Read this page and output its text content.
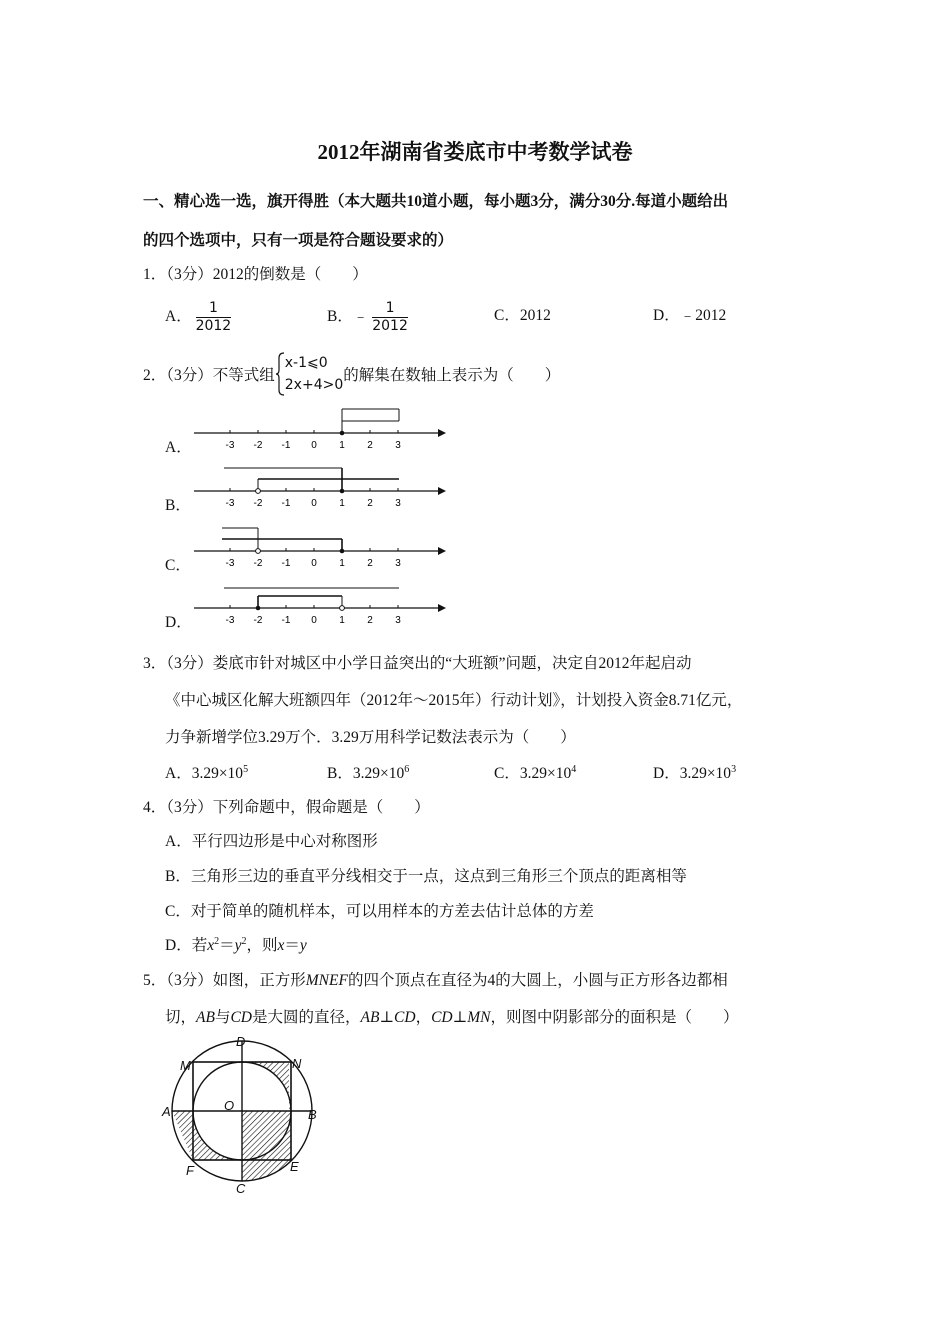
2012年湖南省娄底市中考数学试卷
一、精心选一选，旗开得胜（本大题共10道小题，每小题3分，满分30分.每道小题给出
的四个选项中，只有一项是符合题设要求的）
1．（3分）2012的倒数是（　　）
A． $\frac{1}{2012}$	B．﹣ $\frac{1}{2012}$	C．2012	D．﹣2012
2．（3分）不等式组
x-1⩽0
2x+4>0
的解集在数轴上表示为（　　）
A．	-3 -2 -1 0 1 2 3
B．	-3 -2 -1 0 1 2 3
C．	-3 -2 -1 0 1 2 3
D．	-3 -2 -1 0 1 2 3
3．（3分）娄底市针对城区中小学日益突出的“大班额”问题，决定自2012年起启动
《中心城区化解大班额四年（2012年～2015年）行动计划》，计划投入资金8.71亿元，
力争新增学位3.29万个．3.29万用科学记数法表示为（　　）
A．$3.29\times 10^5$	B．$3.29\times 10^6$	C．$3.29\times 10^4$	D．$3.29\times 10^3$
4．（3分）下列命题中，假命题是（　　）
A．平行四边形是中心对称图形
B．三角形三边的垂直平分线相交于一点，这点到三角形三个顶点的距离相等
C．对于简单的随机样本，可以用样本的方差去估计总体的方差
D．若$x^2=y^2$，则x＝y
5．（3分）如图，正方形MNEF的四个顶点在直径为4的大圆上，小圆与正方形各边都相
切，AB与CD是大圆的直径，AB⊥CD，CD⊥MN，则图中阴影部分的面积是（　　）
D
M	N
A	O
B
F	E
C
